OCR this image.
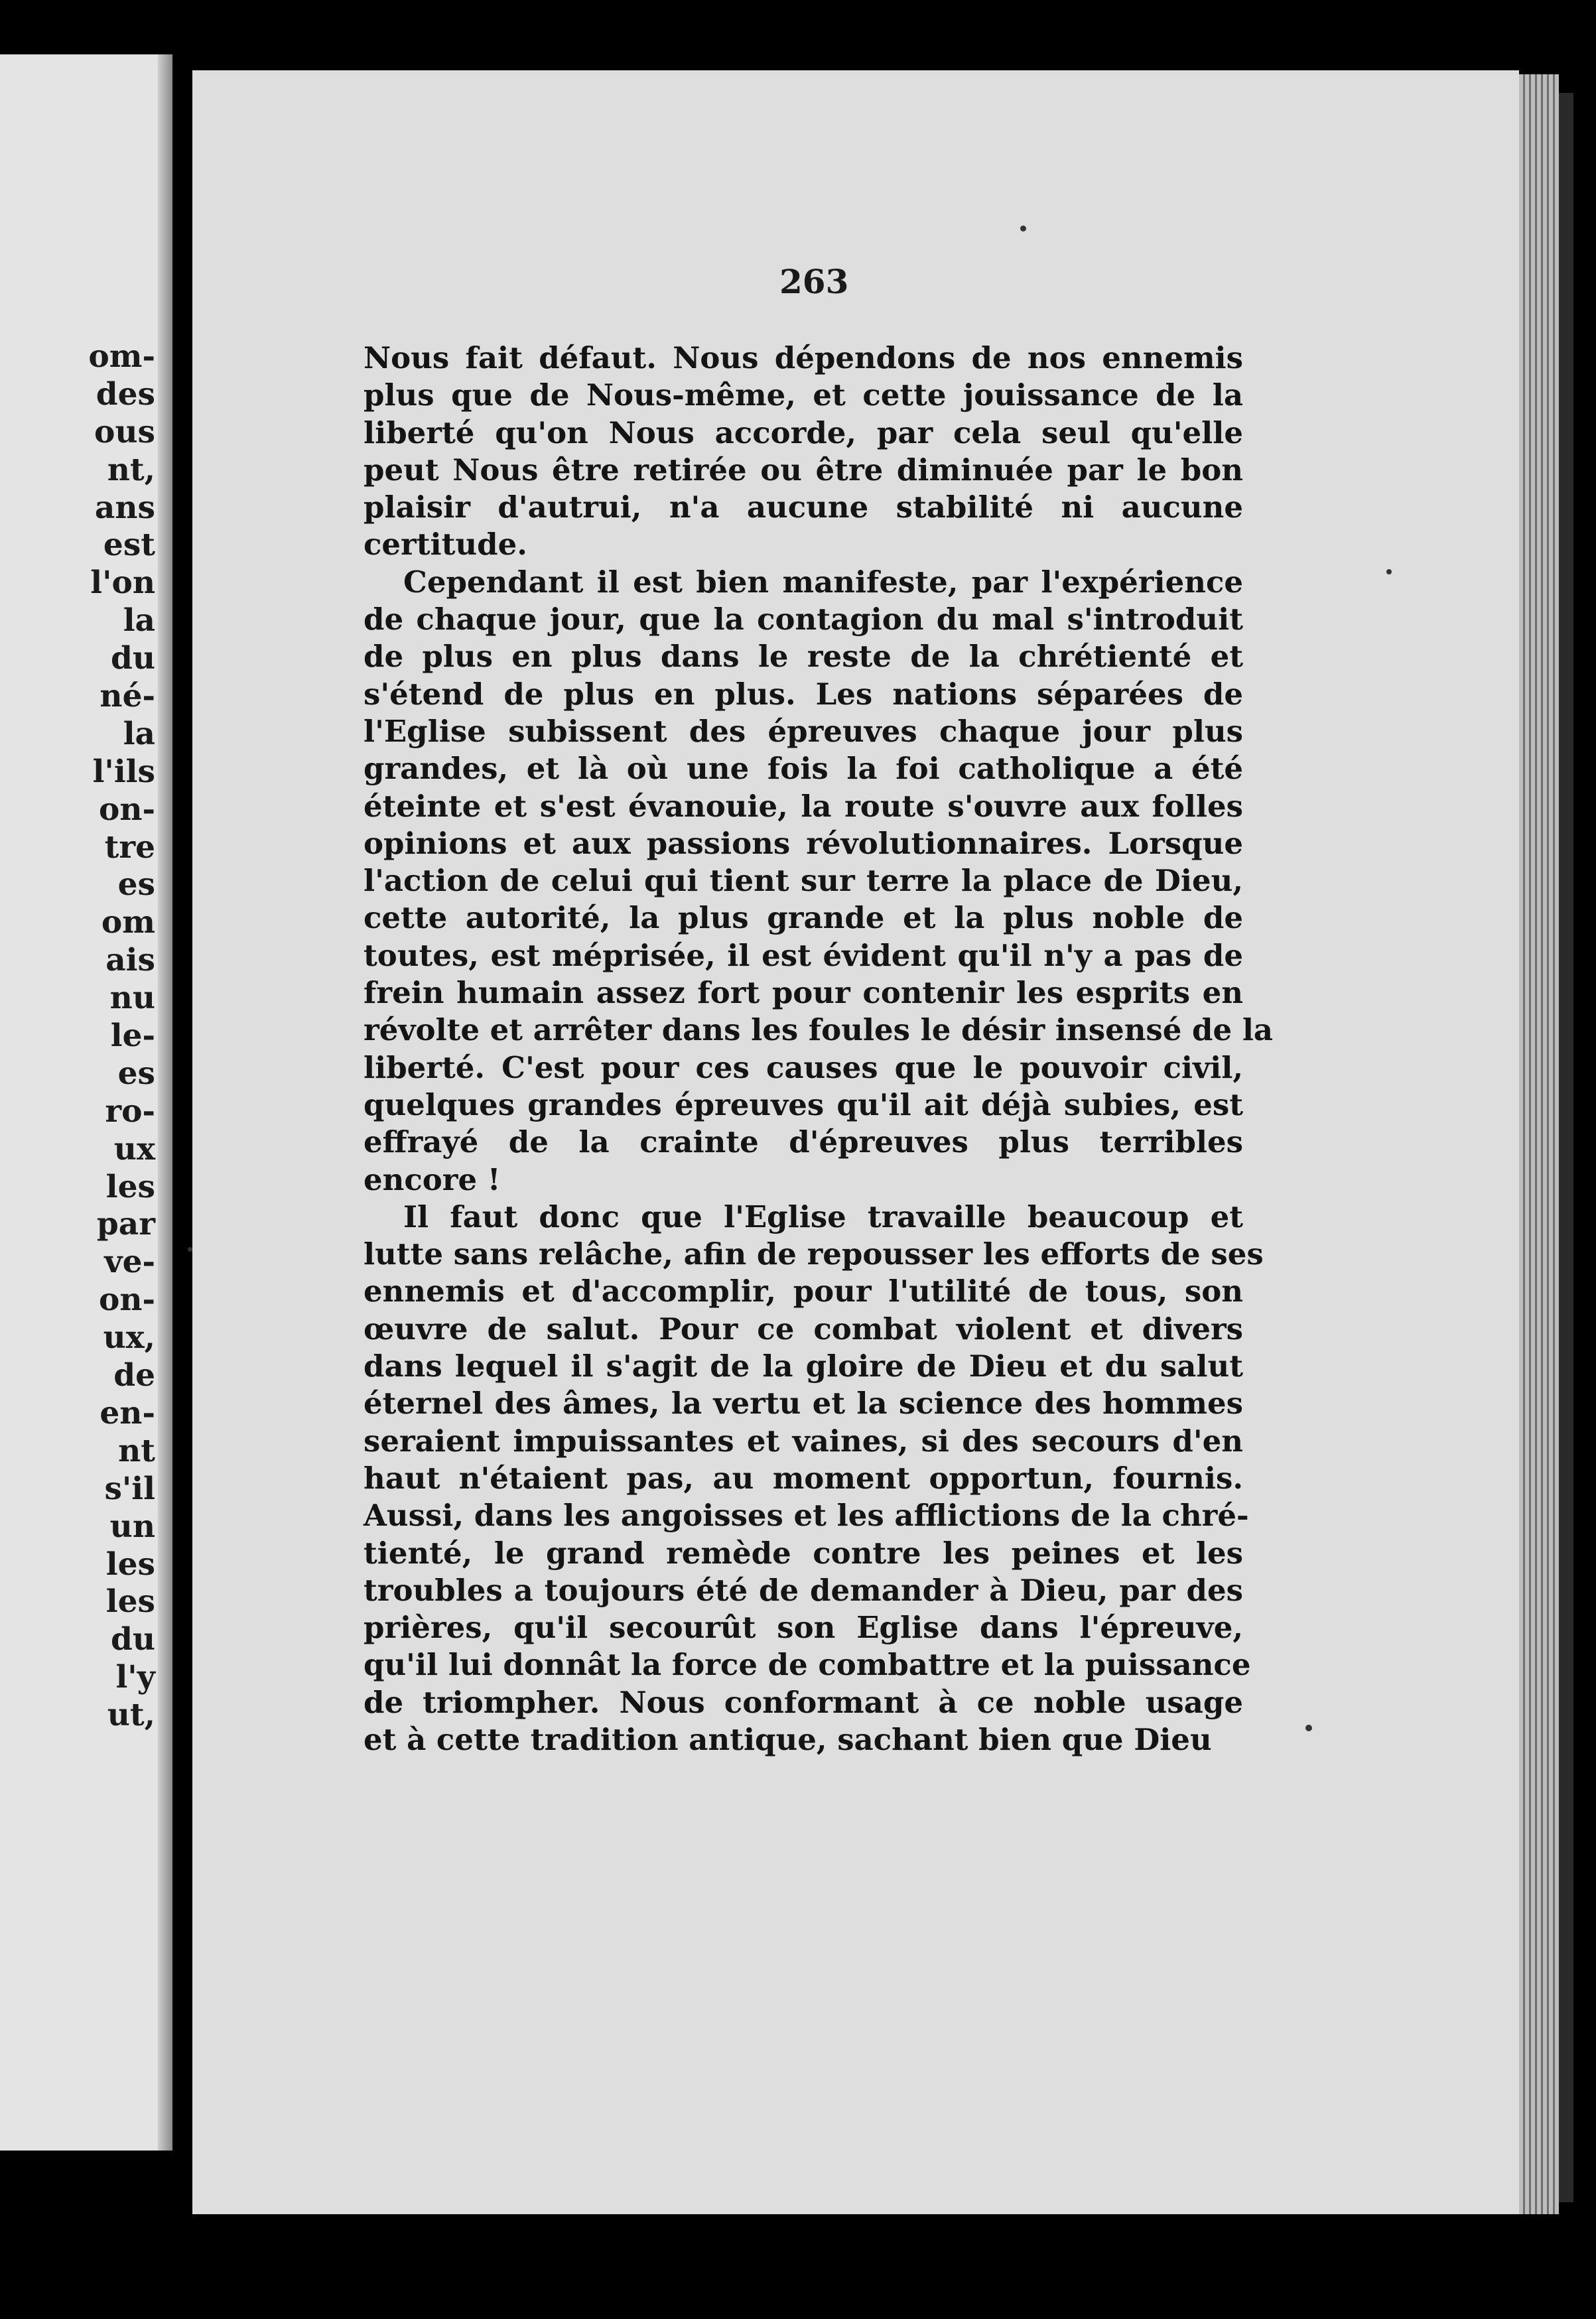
om-
des
ous
nt,
ans
est
l'on
la
du
né-
la
l'ils
on-
tre
es
om
ais
nu
le-
es
ro-
ux
les
par
ve-
on-
ux,
de
en-
nt
s'il
un
les
les
du
l'y
ut,
263
Nous fait défaut. Nous dépendons de nos ennemis
plus que de Nous-même, et cette jouissance de la
liberté qu'on Nous accorde, par cela seul qu'elle
peut Nous être retirée ou être diminuée par le bon
plaisir d'autrui, n'a aucune stabilité ni aucune
certitude.
Cependant il est bien manifeste, par l'expérience
de chaque jour, que la contagion du mal s'introduit
de plus en plus dans le reste de la chrétienté et
s'étend de plus en plus. Les nations séparées de
l'Eglise subissent des épreuves chaque jour plus
grandes, et là où une fois la foi catholique a été
éteinte et s'est évanouie, la route s'ouvre aux folles
opinions et aux passions révolutionnaires. Lorsque
l'action de celui qui tient sur terre la place de Dieu,
cette autorité, la plus grande et la plus noble de
toutes, est méprisée, il est évident qu'il n'y a pas de
frein humain assez fort pour contenir les esprits en
révolte et arrêter dans les foules le désir insensé de la
liberté. C'est pour ces causes que le pouvoir civil,
quelques grandes épreuves qu'il ait déjà subies, est
effrayé de la crainte d'épreuves plus terribles
encore !
Il faut donc que l'Eglise travaille beaucoup et
lutte sans relâche, afin de repousser les efforts de ses
ennemis et d'accomplir, pour l'utilité de tous, son
œuvre de salut. Pour ce combat violent et divers
dans lequel il s'agit de la gloire de Dieu et du salut
éternel des âmes, la vertu et la science des hommes
seraient impuissantes et vaines, si des secours d'en
haut n'étaient pas, au moment opportun, fournis.
Aussi, dans les angoisses et les afflictions de la chré-
tienté, le grand remède contre les peines et les
troubles a toujours été de demander à Dieu, par des
prières, qu'il secourût son Eglise dans l'épreuve,
qu'il lui donnât la force de combattre et la puissance
de triompher. Nous conformant à ce noble usage
et à cette tradition antique, sachant bien que Dieu
